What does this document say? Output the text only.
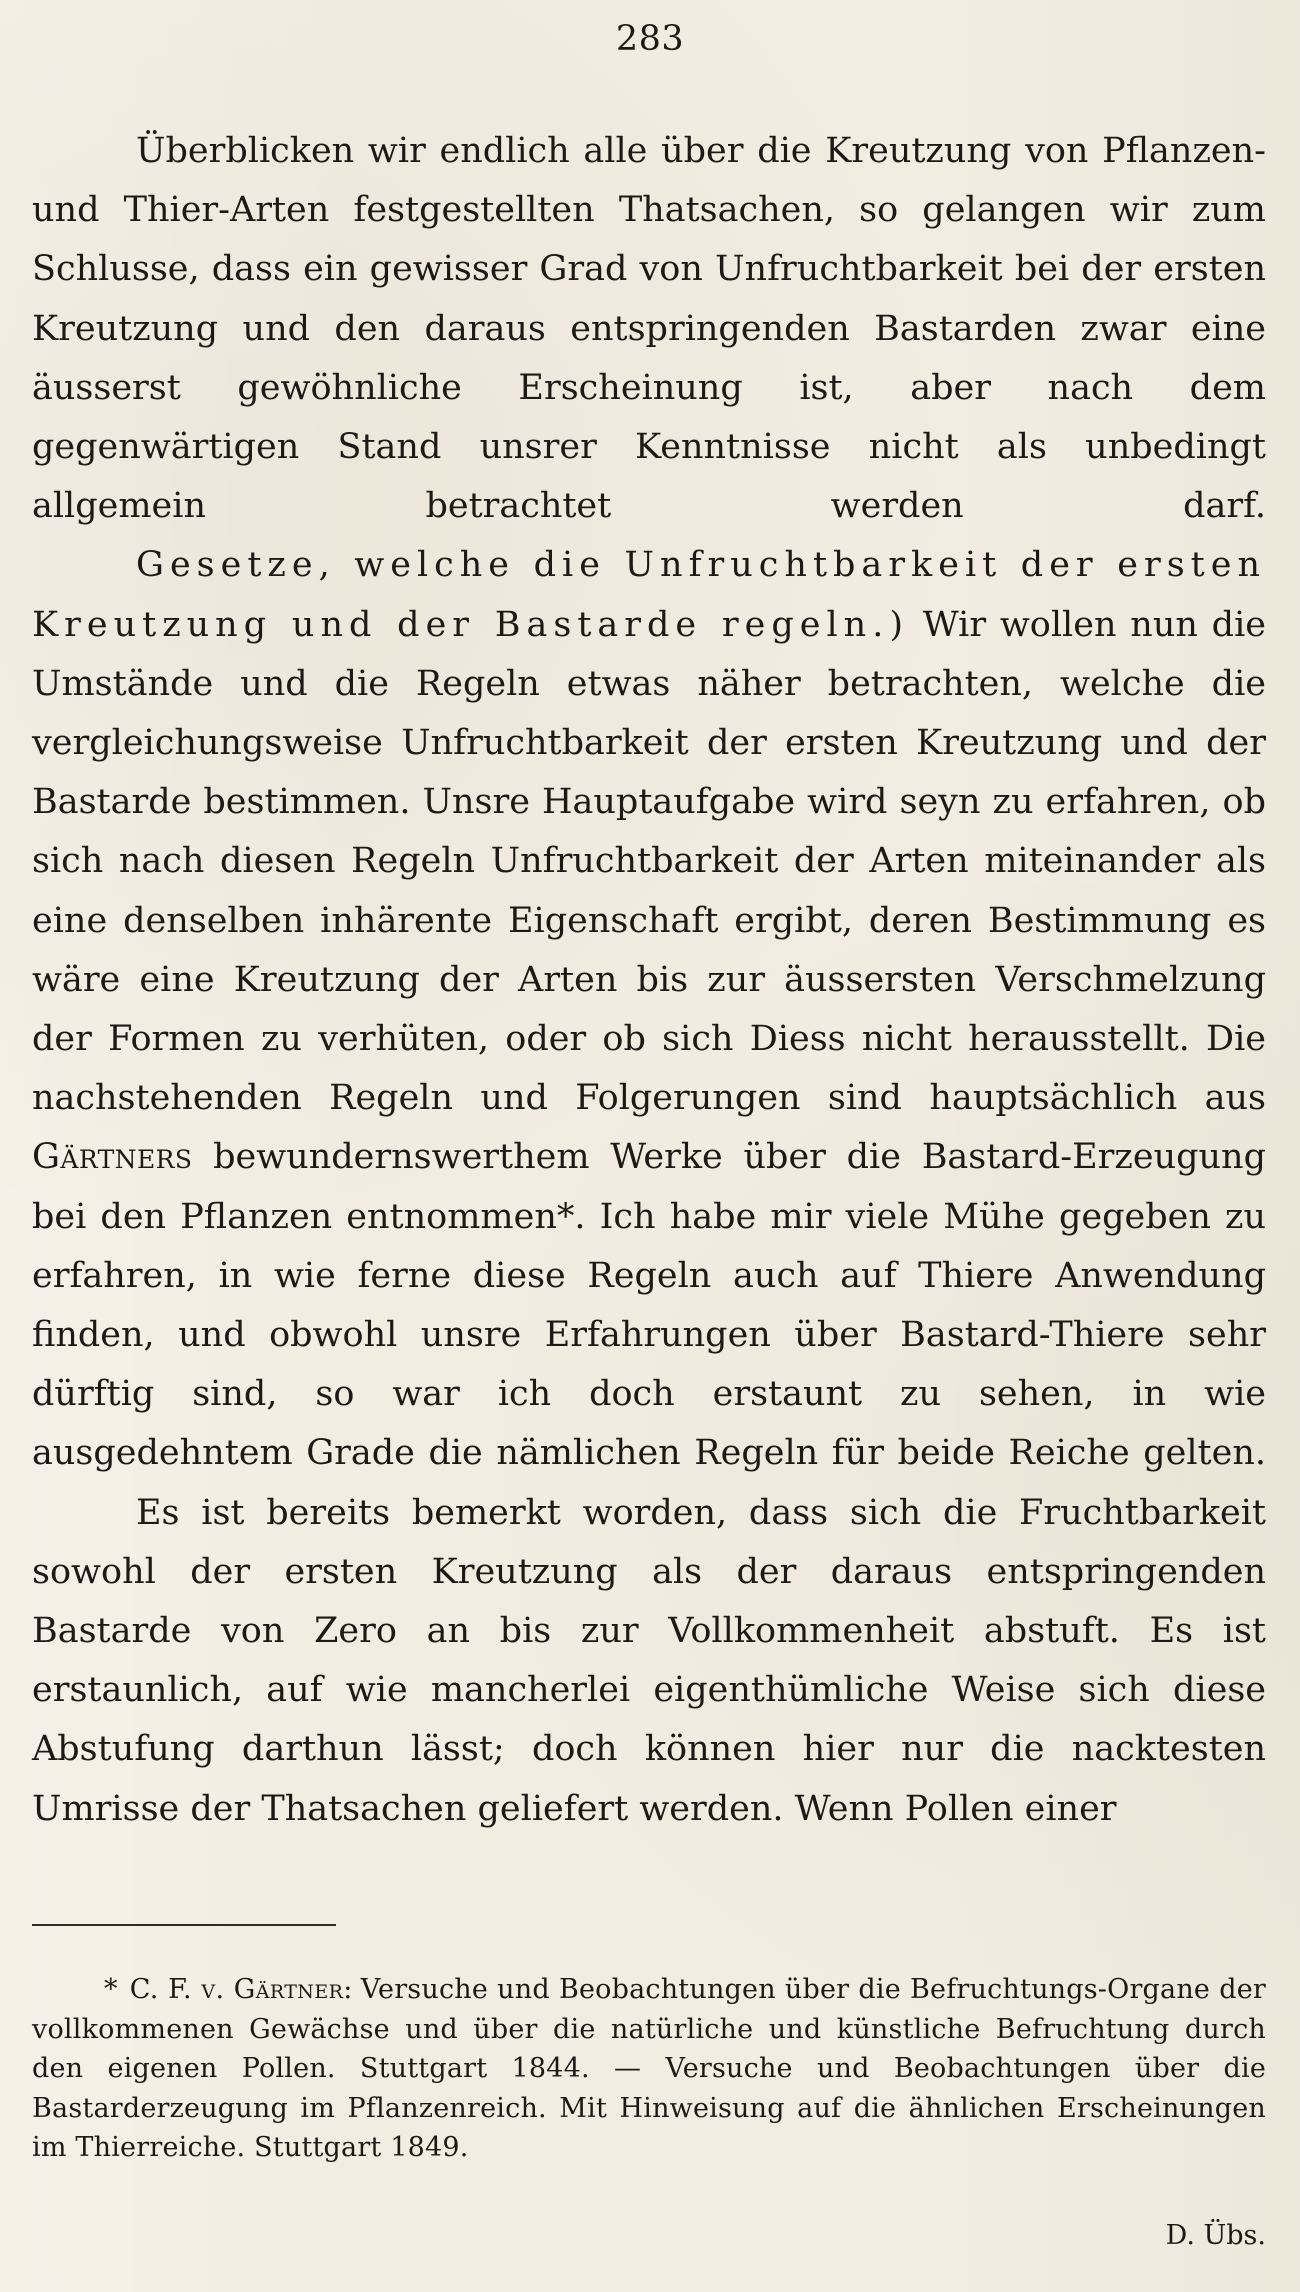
283

Überblicken wir endlich alle über die Kreutzung von Pflanzen- und Thier-Arten festgestellten Thatsachen, so gelangen wir zum Schlusse, dass ein gewisser Grad von Unfruchtbarkeit bei der ersten Kreutzung und den daraus entspringenden Bastarden zwar eine äusserst gewöhnliche Erscheinung ist, aber nach dem gegenwärtigen Stand unsrer Kenntnisse nicht als unbedingt allgemein betrachtet werden darf.

Gesetze, welche die Unfruchtbarkeit der ersten Kreutzung und der Bastarde regeln.) Wir wollen nun die Umstände und die Regeln etwas näher betrachten, welche die vergleichungsweise Unfruchtbarkeit der ersten Kreutzung und der Bastarde bestimmen. Unsre Hauptaufgabe wird seyn zu erfahren, ob sich nach diesen Regeln Unfruchtbarkeit der Arten miteinander als eine denselben inhärente Eigenschaft ergibt, deren Bestimmung es wäre eine Kreutzung der Arten bis zur äussersten Verschmelzung der Formen zu verhüten, oder ob sich Diess nicht herausstellt. Die nachstehenden Regeln und Folgerungen sind hauptsächlich aus Gärtners bewundernswerthem Werke über die Bastard-Erzeugung bei den Pflanzen entnommen*. Ich habe mir viele Mühe gegeben zu erfahren, in wie ferne diese Regeln auch auf Thiere Anwendung finden, und obwohl unsre Erfahrungen über Bastard-Thiere sehr dürftig sind, so war ich doch erstaunt zu sehen, in wie ausgedehntem Grade die nämlichen Regeln für beide Reiche gelten.

Es ist bereits bemerkt worden, dass sich die Fruchtbarkeit sowohl der ersten Kreutzung als der daraus entspringenden Bastarde von Zero an bis zur Vollkommenheit abstuft. Es ist erstaunlich, auf wie mancherlei eigenthümliche Weise sich diese Abstufung darthun lässt; doch können hier nur die nacktesten Umrisse der Thatsachen geliefert werden. Wenn Pollen einer

* C. F. v. Gärtner: Versuche und Beobachtungen über die Befruchtungs-Organe der vollkommenen Gewächse und über die natürliche und künstliche Befruchtung durch den eigenen Pollen. Stuttgart 1844. — Versuche und Beobachtungen über die Bastarderzeugung im Pflanzenreich. Mit Hinweisung auf die ähnlichen Erscheinungen im Thierreiche. Stuttgart 1849.

D. Übs.
